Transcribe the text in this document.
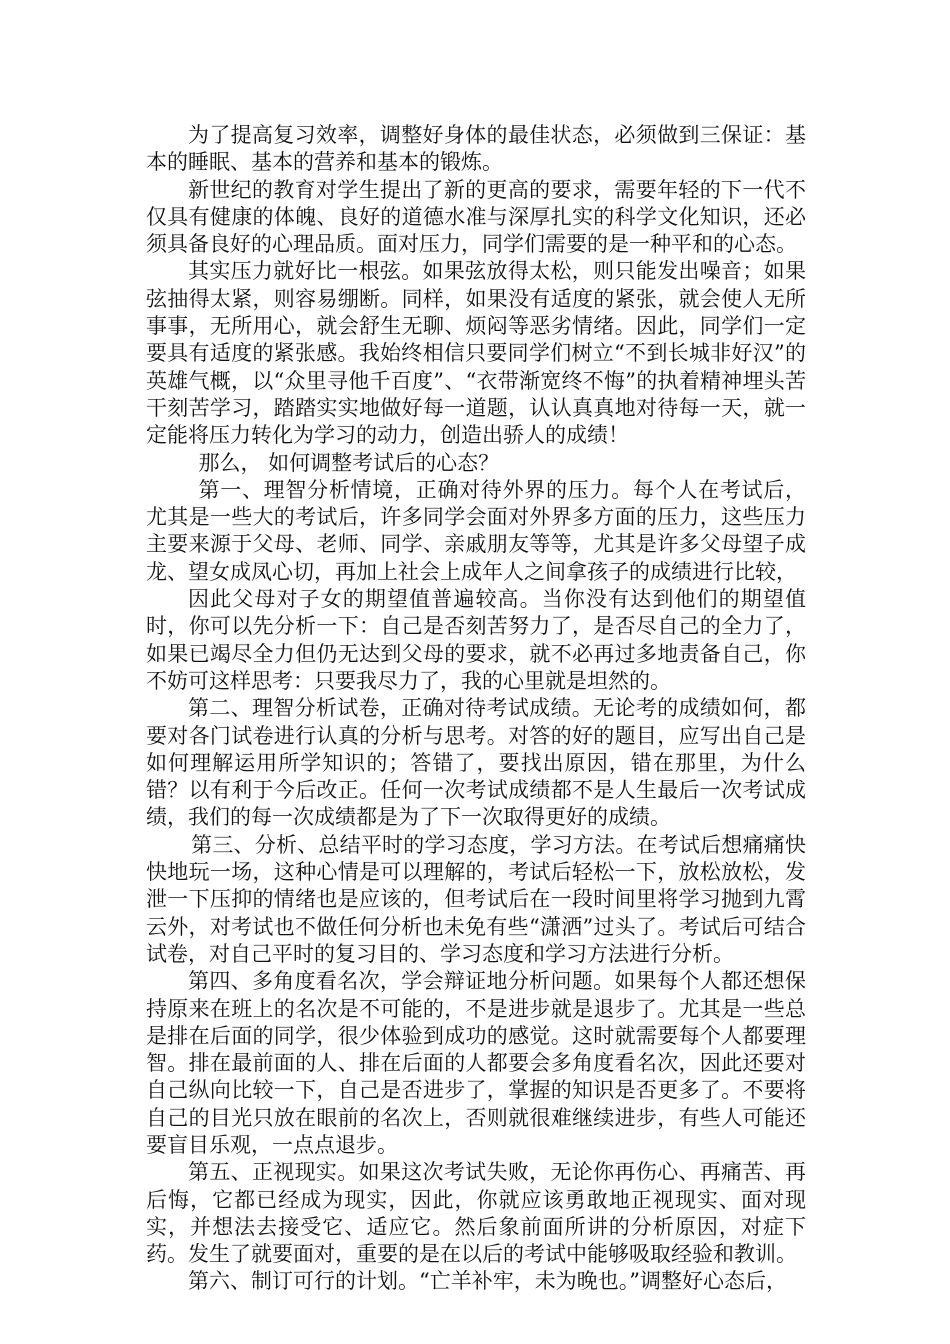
为了提高复习效率，调整好身体的最佳状态，必须做到三保证：基本的睡眠、基本的营养和基本的锻炼。

新世纪的教育对学生提出了新的更高的要求，需要年轻的下一代不仅具有健康的体魄、良好的道德水准与深厚扎实的科学文化知识，还必须具备良好的心理品质。面对压力，同学们需要的是一种平和的心态。

其实压力就好比一根弦。如果弦放得太松，则只能发出噪音；如果弦抽得太紧，则容易绷断。同样，如果没有适度的紧张，就会使人无所事事，无所用心，就会舒生无聊、烦闷等恶劣情绪。因此，同学们一定要具有适度的紧张感。我始终相信只要同学们树立“不到长城非好汉”的英雄气概，以“众里寻他千百度”、“衣带渐宽终不悔”的执着精神埋头苦干刻苦学习，踏踏实实地做好每一道题，认认真真地对待每一天，就一定能将压力转化为学习的动力，创造出骄人的成绩！

那么， 如何调整考试后的心态？

第一、理智分析情境，正确对待外界的压力。每个人在考试后，尤其是一些大的考试后，许多同学会面对外界多方面的压力，这些压力主要来源于父母、老师、同学、亲戚朋友等等，尤其是许多父母望子成龙、望女成凤心切，再加上社会上成年人之间拿孩子的成绩进行比较，

因此父母对子女的期望值普遍较高。当你没有达到他们的期望值时，你可以先分析一下：自己是否刻苦努力了，是否尽自己的全力了，如果已竭尽全力但仍无达到父母的要求，就不必再过多地责备自己，你不妨可这样思考：只要我尽力了，我的心里就是坦然的。

第二、理智分析试卷，正确对待考试成绩。无论考的成绩如何，都要对各门试卷进行认真的分析与思考。对答的好的题目，应写出自己是如何理解运用所学知识的；答错了，要找出原因，错在那里，为什么错？以有利于今后改正。任何一次考试成绩都不是人生最后一次考试成绩，我们的每一次成绩都是为了下一次取得更好的成绩。

第三、分析、总结平时的学习态度，学习方法。在考试后想痛痛快快地玩一场，这种心情是可以理解的，考试后轻松一下，放松放松，发泄一下压抑的情绪也是应该的，但考试后在一段时间里将学习抛到九霄云外，对考试也不做任何分析也未免有些“潇洒”过头了。考试后可结合试卷，对自己平时的复习目的、学习态度和学习方法进行分析。

第四、多角度看名次，学会辩证地分析问题。如果每个人都还想保持原来在班上的名次是不可能的，不是进步就是退步了。尤其是一些总是排在后面的同学，很少体验到成功的感觉。这时就需要每个人都要理智。排在最前面的人、排在后面的人都要会多角度看名次，因此还要对自己纵向比较一下，自己是否进步了，掌握的知识是否更多了。不要将自己的目光只放在眼前的名次上，否则就很难继续进步，有些人可能还要盲目乐观，一点点退步。

第五、正视现实。如果这次考试失败，无论你再伤心、再痛苦、再后悔，它都已经成为现实，因此，你就应该勇敢地正视现实、面对现实，并想法去接受它、适应它。然后象前面所讲的分析原因，对症下药。发生了就要面对，重要的是在以后的考试中能够吸取经验和教训。

第六、制订可行的计划。“亡羊补牢，未为晚也。”调整好心态后，
